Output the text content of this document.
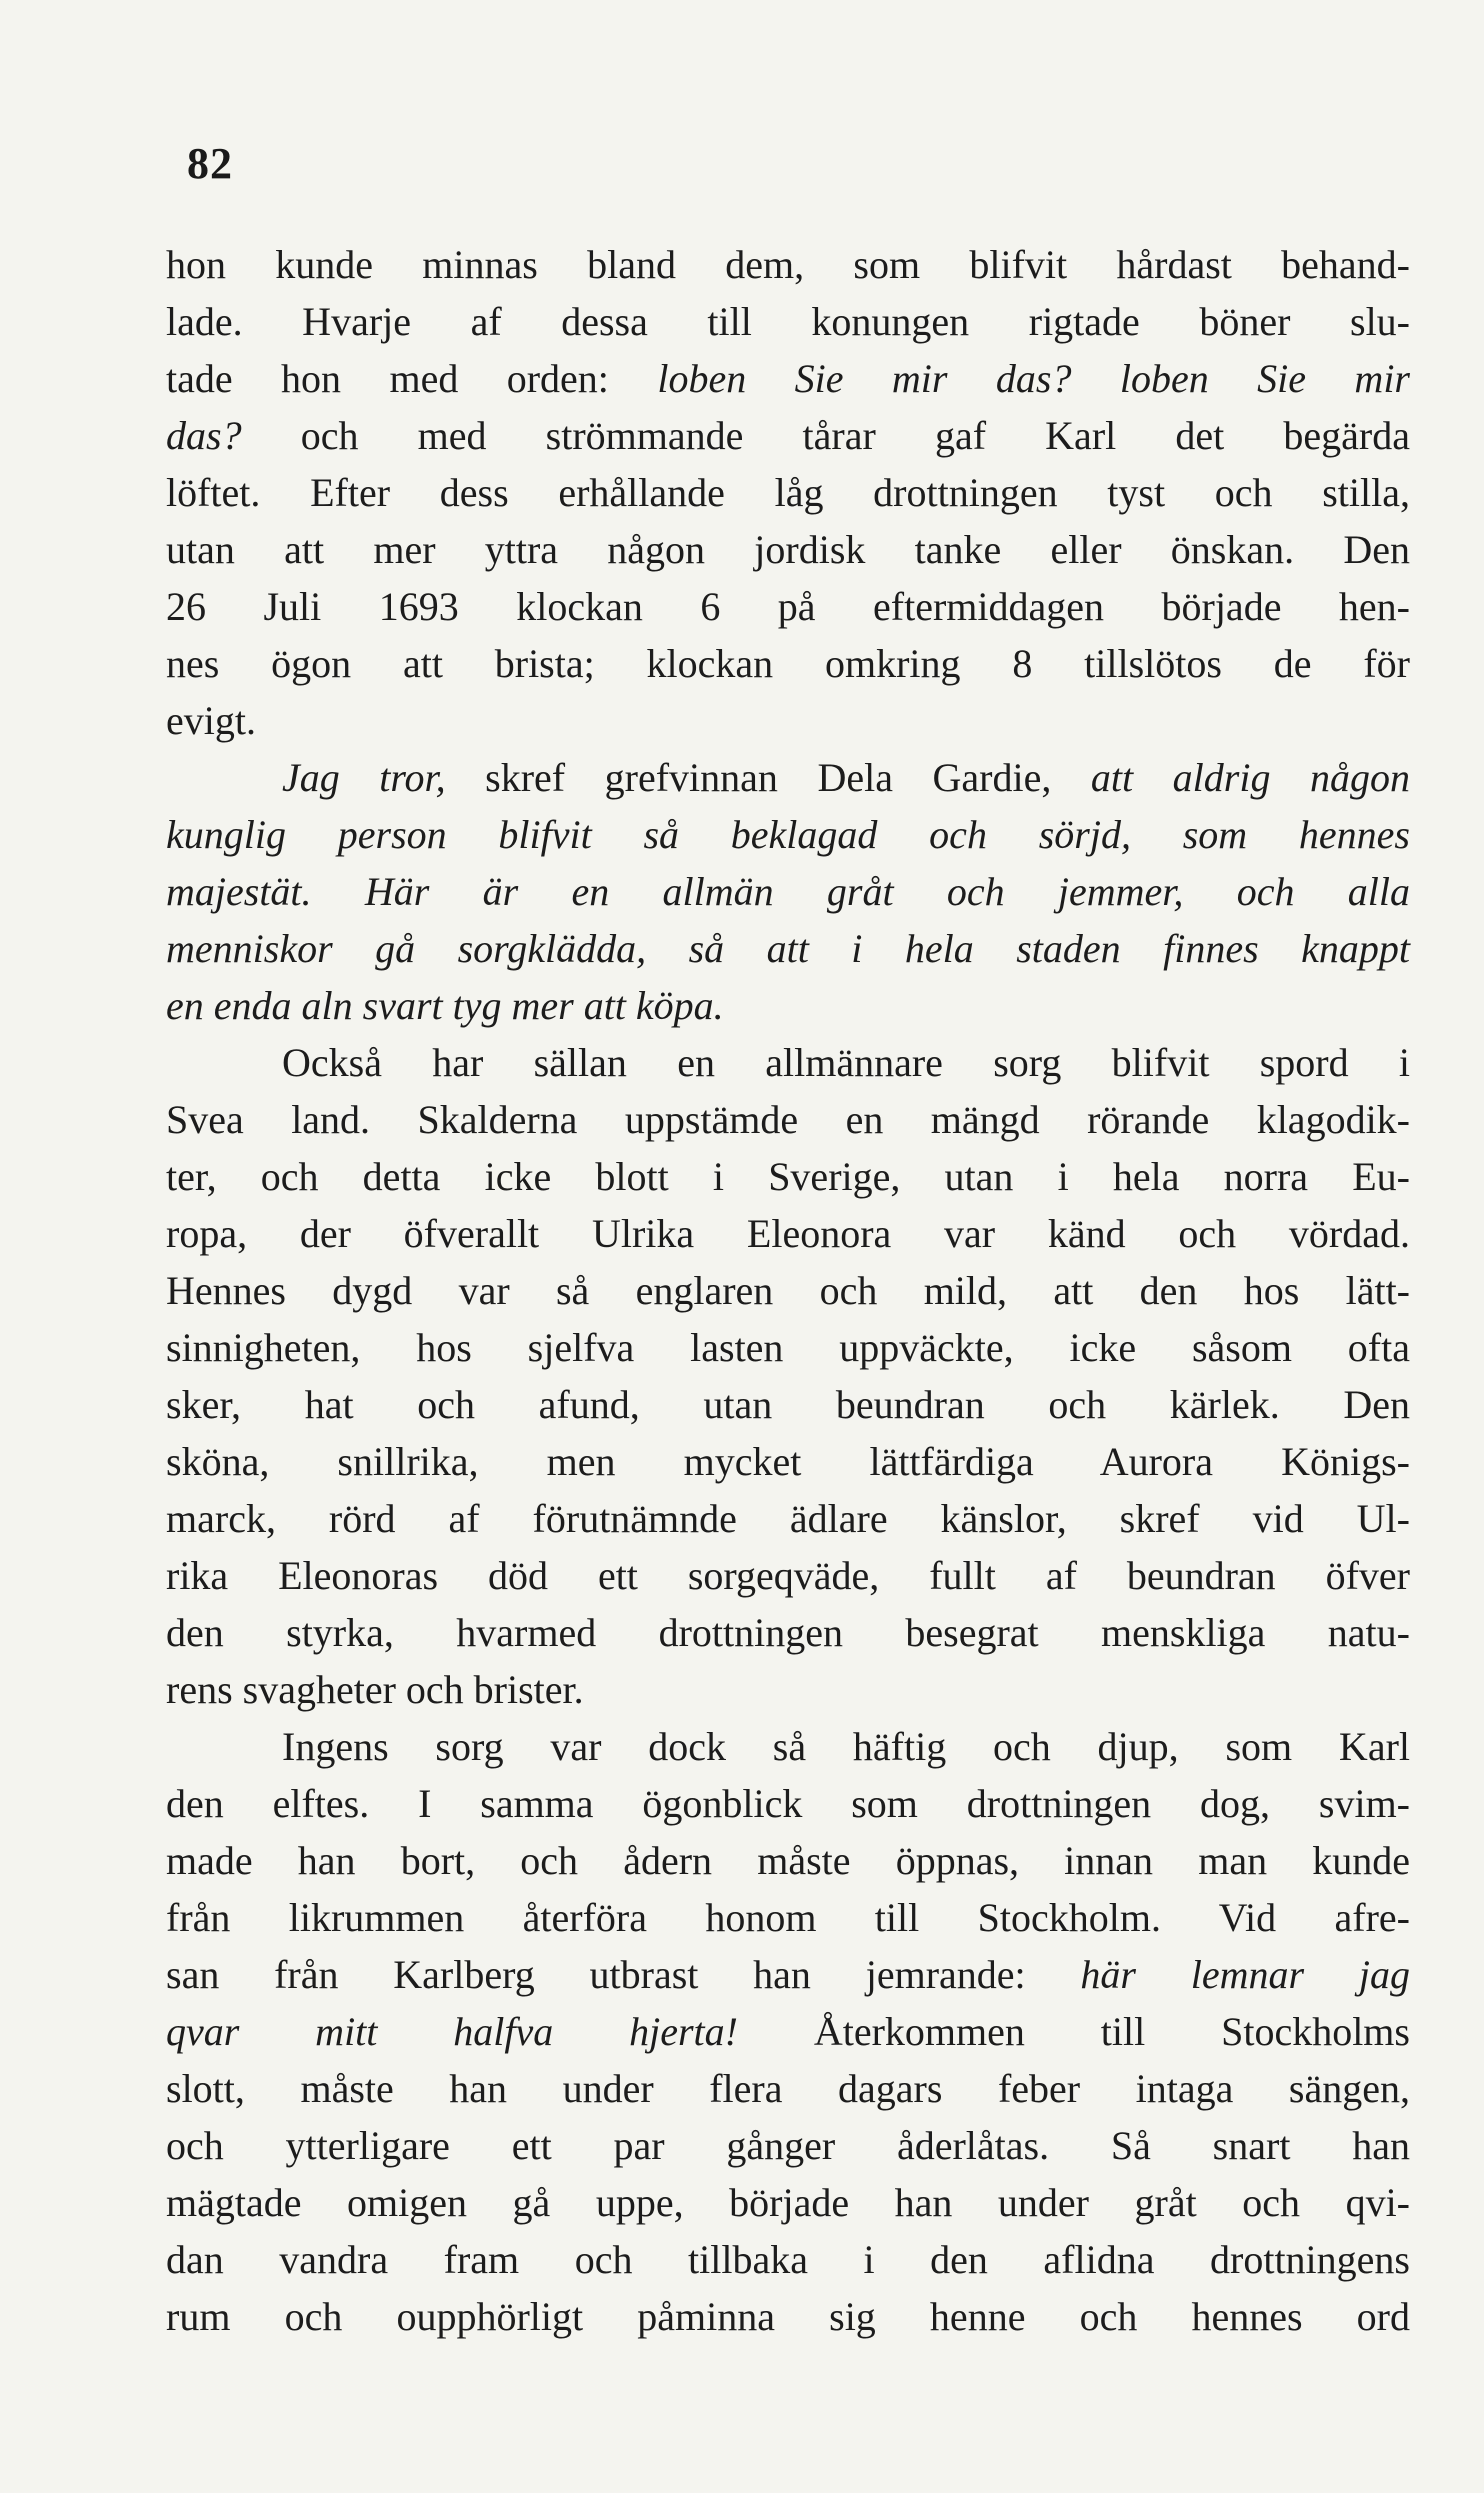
82
hon kunde minnas bland dem, som blifvit hårdast behand-
lade. Hvarje af dessa till konungen rigtade böner slu-
tade hon med orden: loben Sie mir das? loben Sie mir
das? och med strömmande tårar gaf Karl det begärda
löftet. Efter dess erhållande låg drottningen tyst och stilla,
utan att mer yttra någon jordisk tanke eller önskan. Den
26 Juli 1693 klockan 6 på eftermiddagen började hen-
nes ögon att brista; klockan omkring 8 tillslötos de för
evigt.
Jag tror, skref grefvinnan Dela Gardie, att aldrig någon
kunglig person blifvit så beklagad och sörjd, som hennes
majestät. Här är en allmän gråt och jemmer, och alla
menniskor gå sorgklädda, så att i hela staden finnes knappt
en enda aln svart tyg mer att köpa.
Också har sällan en allmännare sorg blifvit spord i
Svea land. Skalderna uppstämde en mängd rörande klagodik-
ter, och detta icke blott i Sverige, utan i hela norra Eu-
ropa, der öfverallt Ulrika Eleonora var känd och vördad.
Hennes dygd var så englaren och mild, att den hos lätt-
sinnigheten, hos sjelfva lasten uppväckte, icke såsom ofta
sker, hat och afund, utan beundran och kärlek. Den
sköna, snillrika, men mycket lättfärdiga Aurora Königs-
marck, rörd af förutnämnde ädlare känslor, skref vid Ul-
rika Eleonoras död ett sorgeqväde, fullt af beundran öfver
den styrka, hvarmed drottningen besegrat menskliga natu-
rens svagheter och brister.
Ingens sorg var dock så häftig och djup, som Karl
den elftes. I samma ögonblick som drottningen dog, svim-
made han bort, och ådern måste öppnas, innan man kunde
från likrummen återföra honom till Stockholm. Vid afre-
san från Karlberg utbrast han jemrande: här lemnar jag
qvar mitt halfva hjerta! Återkommen till Stockholms
slott, måste han under flera dagars feber intaga sängen,
och ytterligare ett par gånger åderlåtas. Så snart han
mägtade omigen gå uppe, började han under gråt och qvi-
dan vandra fram och tillbaka i den aflidna drottningens
rum och oupphörligt påminna sig henne och hennes ord
